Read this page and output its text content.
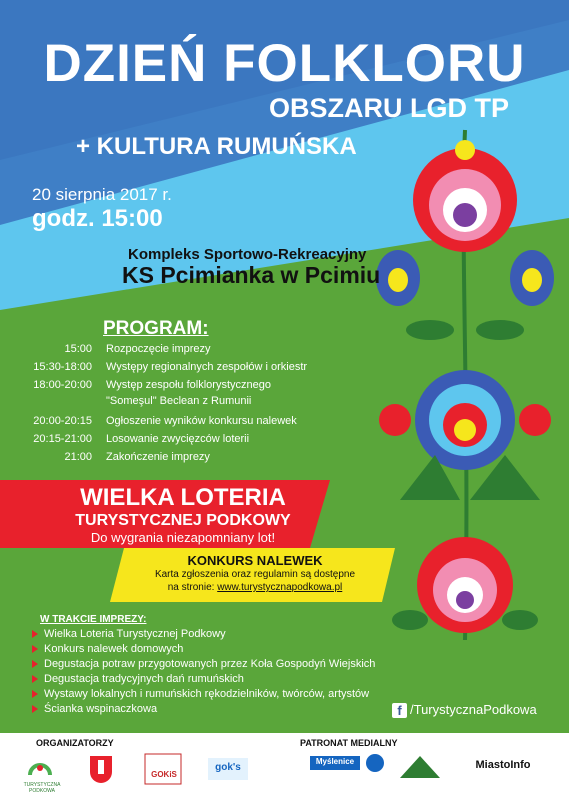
DZIEŃ FOLKLORU
OBSZARU LGD TP
+ KULTURA RUMUŃSKA
20 sierpnia 2017 r.
godz. 15:00
Kompleks Sportowo-Rekreacyjny
KS Pcimianka w Pcimiu
PROGRAM:
15:00 Rozpoczęcie imprezy
15:30-18:00 Występy regionalnych zespołów i orkiestr
18:00-20:00 Występ zespołu folklorystycznego
"Someşul" Beclean z Rumunii
20:00-20:15 Ogłoszenie wyników konkursu nalewek
20:15-21:00 Losowanie zwycięzców loterii
21:00 Zakończenie imprezy
WIELKA LOTERIA
TURYSTYCZNEJ PODKOWY
Do wygrania niezapomniany lot!
KONKURS NALEWEK
Karta zgłoszenia oraz regulamin są dostępne
na stronie: www.turystycznapodkowa.pl
W TRAKCIE IMPREZY:
Wielka Loteria Turystycznej Podkowy
Konkurs nalewek domowych
Degustacja potraw przygotowanych przez Koła Gospodyń Wiejskich
Degustacja tradycyjnych dań rumuńskich
Wystawy lokalnych i rumuńskich rękodzielników, twórców, artystów
Ścianka wspinaczkowa	f /TurystycznaPodkowa
ORGANIZATORZY	PATRONAT MEDIALNY
TURYSTYCZNA PODKOWA
GOKiS
gok's
Myślenice	MiastoInfo
